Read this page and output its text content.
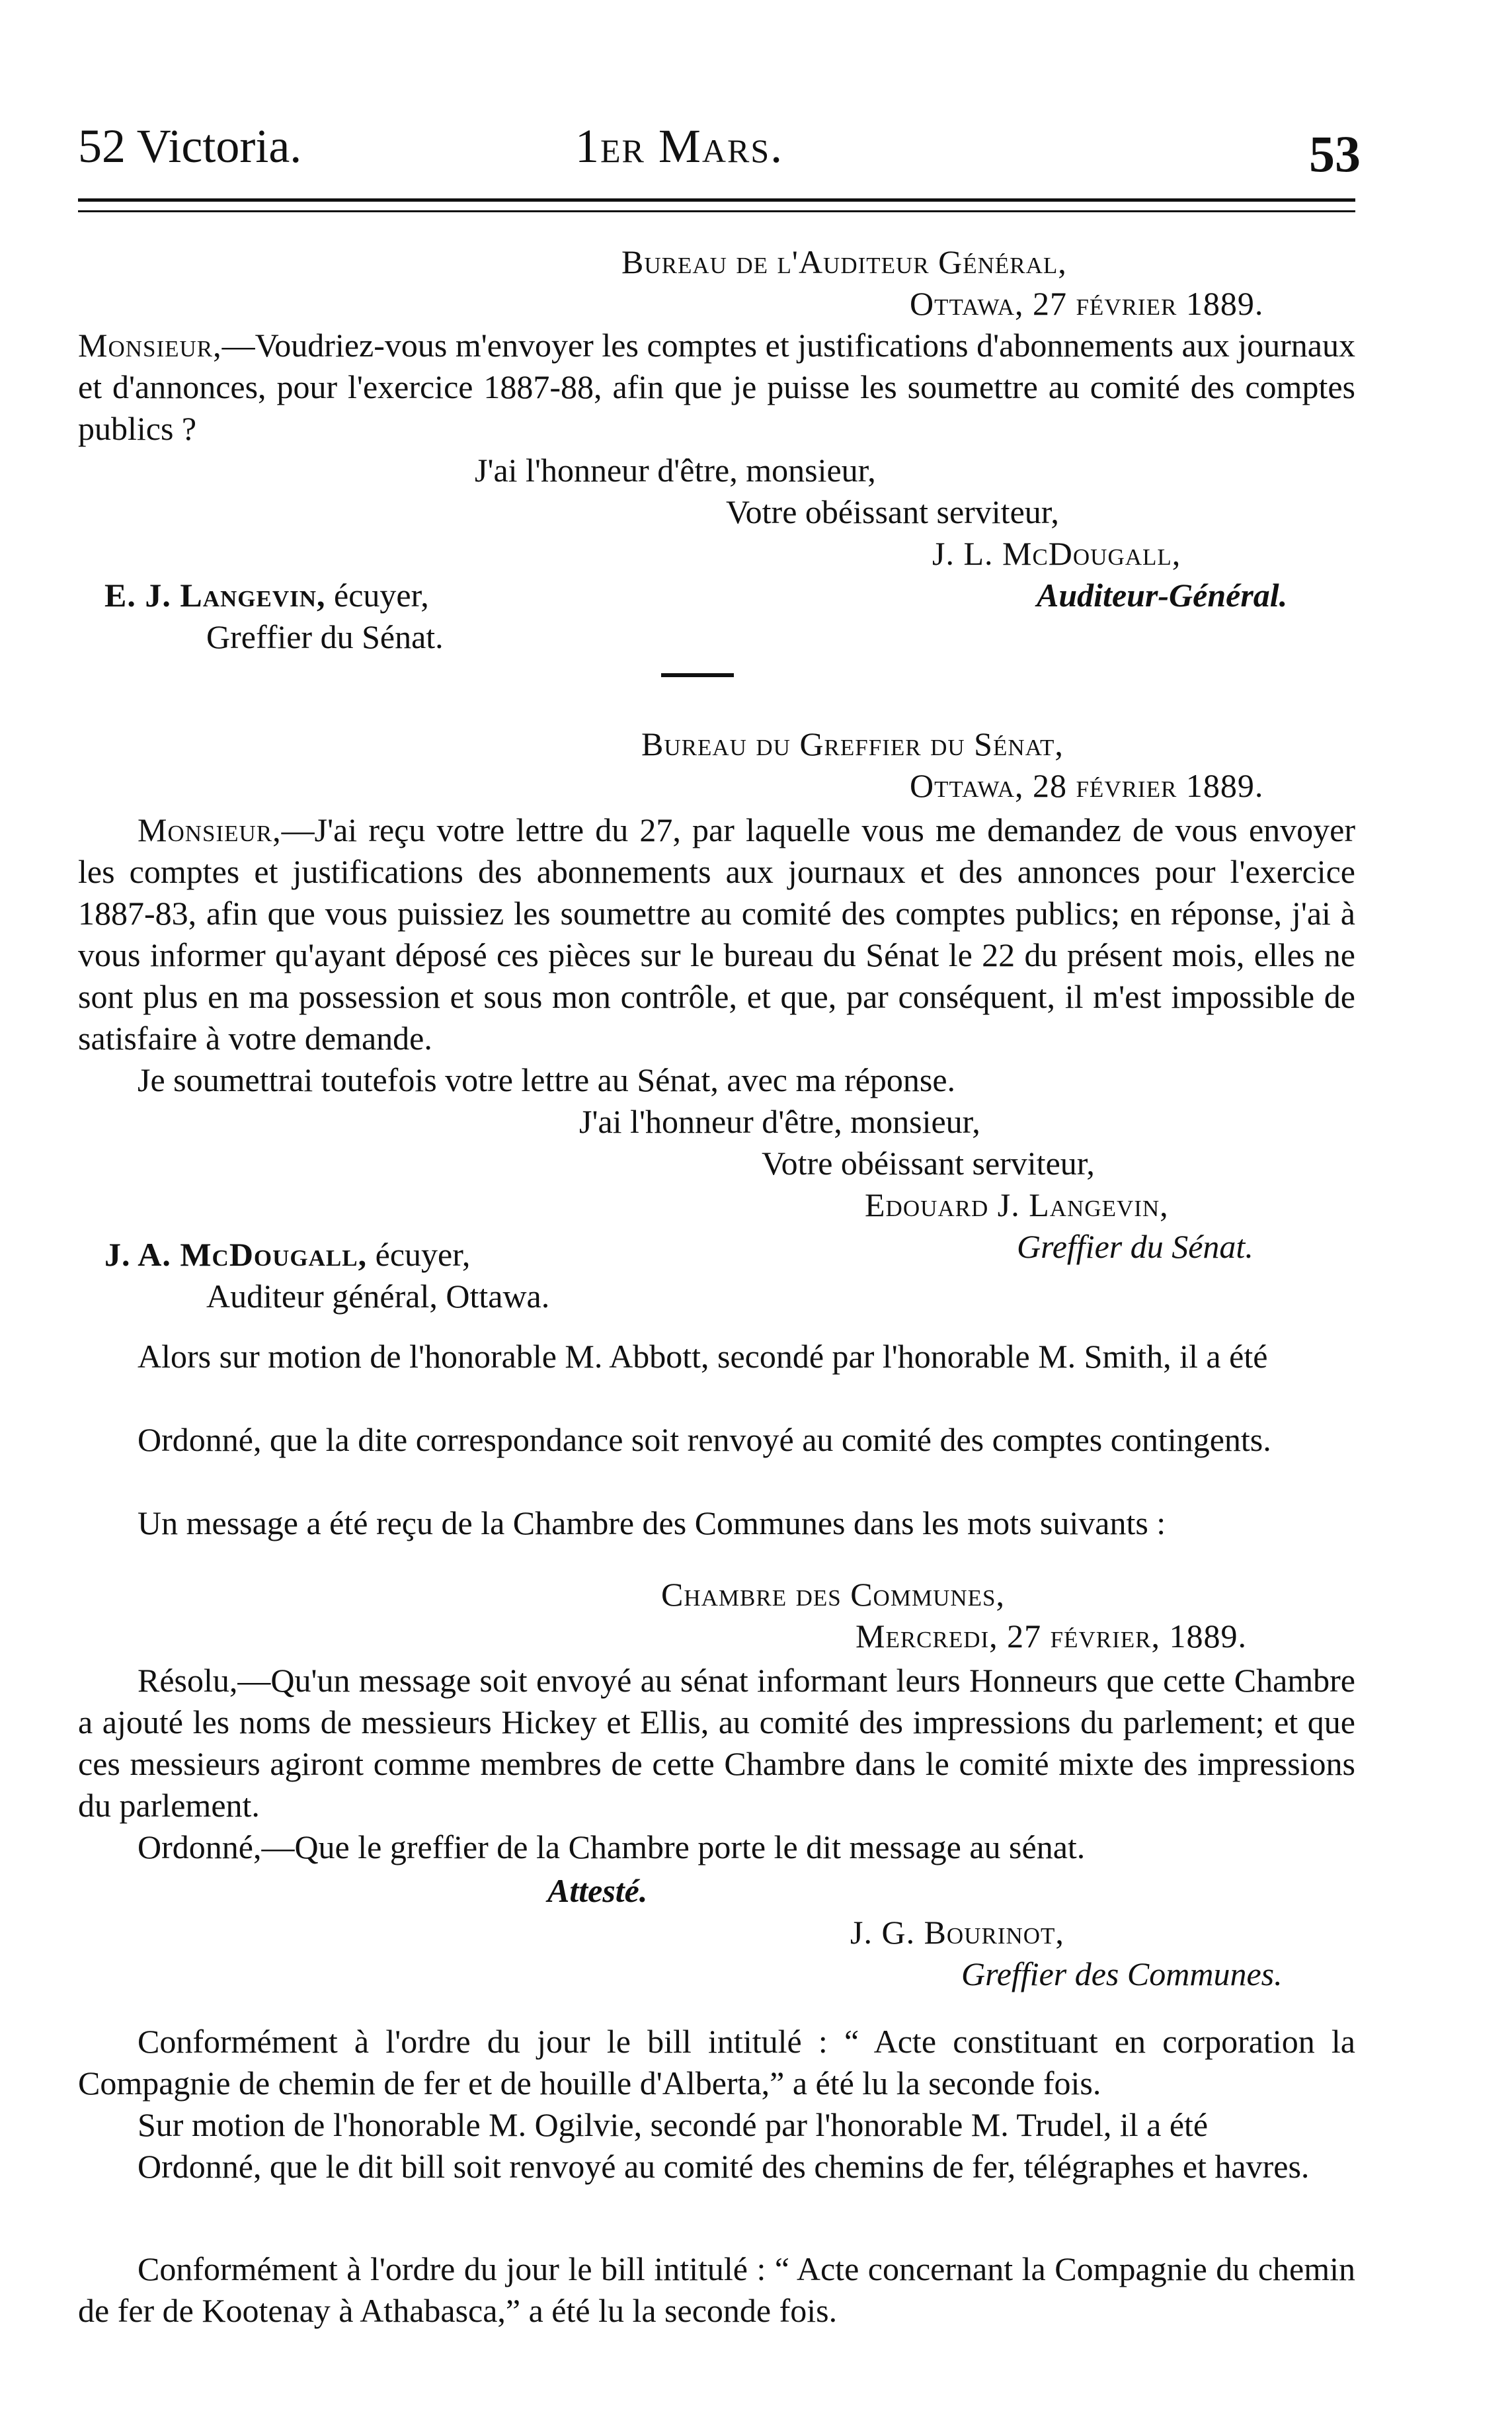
52 Victoria.	1er Mars.	53
Bureau de l'Auditeur Général,
Ottawa, 27 février 1889.
Monsieur,—Voudriez-vous m'envoyer les comptes et justifications d'abonnements aux journaux et d'annonces, pour l'exercice 1887-88, afin que je puisse les soumettre au comité des comptes publics ?
J'ai l'honneur d'être, monsieur,
Votre obéissant serviteur,
J. L. McDougall,
Auditeur-Général.
E. J. Langevin, écuyer,
Greffier du Sénat.
Bureau du Greffier du Sénat,
Ottawa, 28 février 1889.
Monsieur,—J'ai reçu votre lettre du 27, par laquelle vous me demandez de vous envoyer les comptes et justifications des abonnements aux journaux et des annonces pour l'exercice 1887-83, afin que vous puissiez les soumettre au comité des comptes publics; en réponse, j'ai à vous informer qu'ayant déposé ces pièces sur le bureau du Sénat le 22 du présent mois, elles ne sont plus en ma possession et sous mon contrôle, et que, par conséquent, il m'est impossible de satisfaire à votre demande.
Je soumettrai toutefois votre lettre au Sénat, avec ma réponse.
J'ai l'honneur d'être, monsieur,
Votre obéissant serviteur,
Edouard J. Langevin,
Greffier du Sénat.
J. A. McDougall, écuyer,
Auditeur général, Ottawa.
Alors sur motion de l'honorable M. Abbott, secondé par l'honorable M. Smith, il a été
Ordonné, que la dite correspondance soit renvoyé au comité des comptes contingents.
Un message a été reçu de la Chambre des Communes dans les mots suivants :
Chambre des Communes,
Mercredi, 27 février, 1889.
Résolu,—Qu'un message soit envoyé au sénat informant leurs Honneurs que cette Chambre a ajouté les noms de messieurs Hickey et Ellis, au comité des impressions du parlement; et que ces messieurs agiront comme membres de cette Chambre dans le comité mixte des impressions du parlement.
Ordonné,—Que le greffier de la Chambre porte le dit message au sénat.
Attesté.
J. G. Bourinot,
Greffier des Communes.
Conformément à l'ordre du jour le bill intitulé : “ Acte constituant en corporation la Compagnie de chemin de fer et de houille d'Alberta,” a été lu la seconde fois.
Sur motion de l'honorable M. Ogilvie, secondé par l'honorable M. Trudel, il a été
Ordonné, que le dit bill soit renvoyé au comité des chemins de fer, télégraphes et havres.
Conformément à l'ordre du jour le bill intitulé : “ Acte concernant la Compagnie du chemin de fer de Kootenay à Athabasca,” a été lu la seconde fois.
